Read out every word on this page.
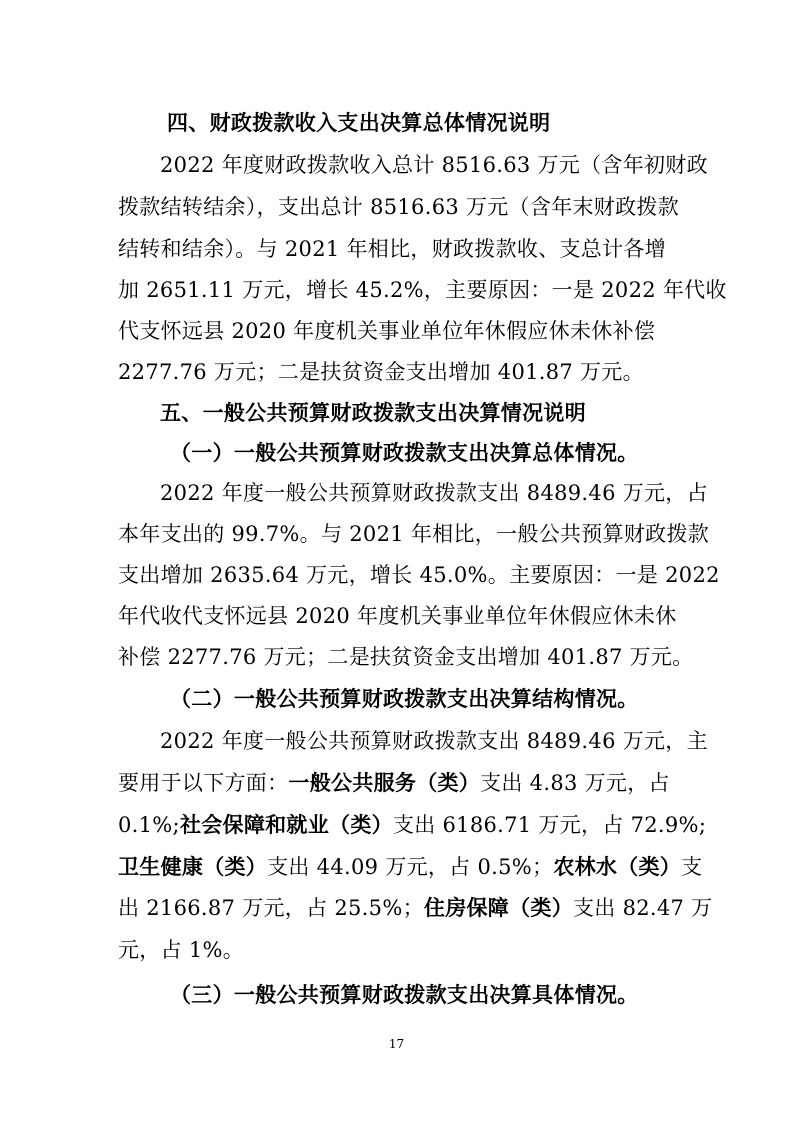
四、财政拨款收入支出决算总体情况说明
2022 年度财政拨款收入总计 8516.63 万元（含年初财政
拨款结转结余），支出总计 8516.63 万元（含年末财政拨款
结转和结余）。与 2021 年相比，财政拨款收、支总计各增
加 2651.11 万元，增长 45.2%，主要原因：一是 2022 年代收
代支怀远县 2020 年度机关事业单位年休假应休未休补偿
2277.76 万元；二是扶贫资金支出增加 401.87 万元。
五、一般公共预算财政拨款支出决算情况说明
（一）一般公共预算财政拨款支出决算总体情况。
2022 年度一般公共预算财政拨款支出 8489.46 万元，占
本年支出的 99.7%。与 2021 年相比，一般公共预算财政拨款
支出增加 2635.64 万元，增长 45.0%。主要原因：一是 2022
年代收代支怀远县 2020 年度机关事业单位年休假应休未休
补偿 2277.76 万元；二是扶贫资金支出增加 401.87 万元。
（二）一般公共预算财政拨款支出决算结构情况。
2022 年度一般公共预算财政拨款支出 8489.46 万元，主
要用于以下方面：一般公共服务（类）支出 4.83 万元，占
0.1%;社会保障和就业（类）支出 6186.71 万元，占 72.9%;
卫生健康（类）支出 44.09 万元，占 0.5%；农林水（类）支
出 2166.87 万元，占 25.5%；住房保障（类）支出 82.47 万
元，占 1%。
（三）一般公共预算财政拨款支出决算具体情况。
17
